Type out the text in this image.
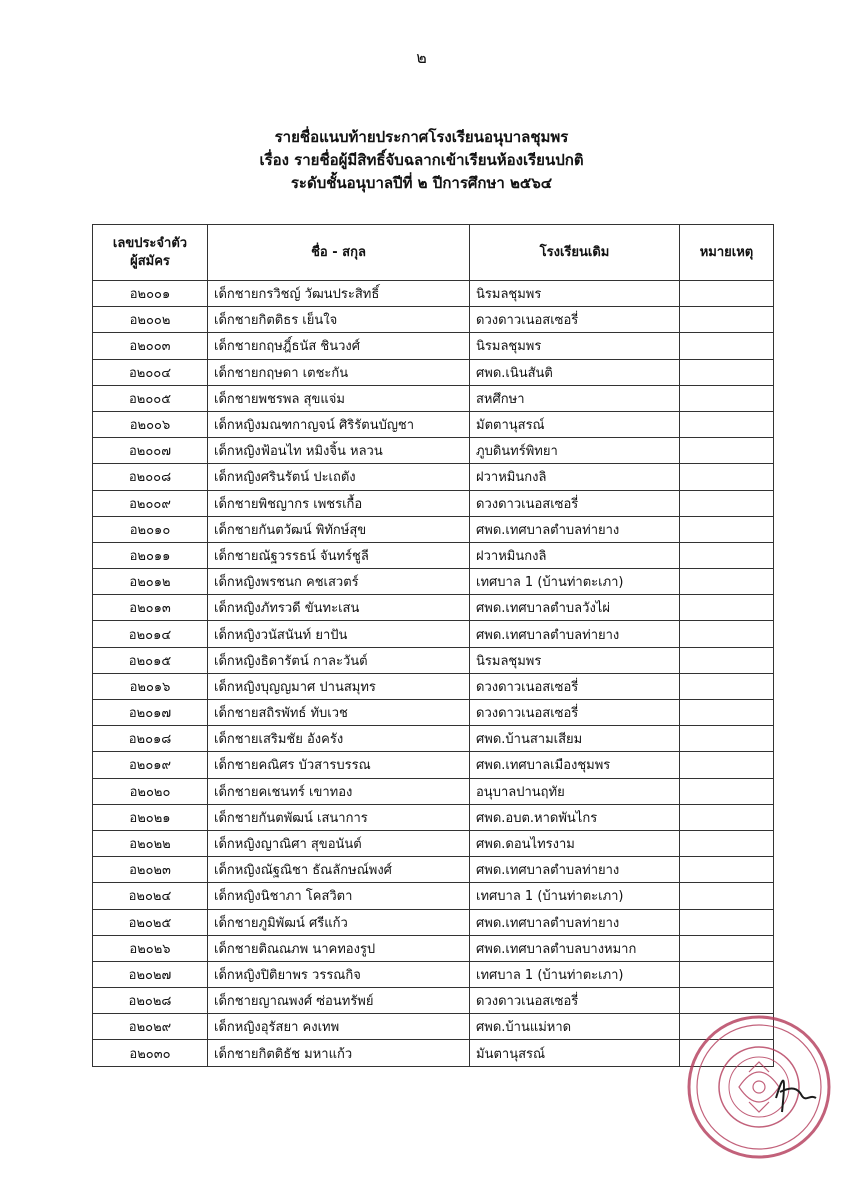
๒
รายชื่อแนบท้ายประกาศโรงเรียนอนุบาลชุมพร
เรื่อง รายชื่อผู้มีสิทธิ์จับฉลากเข้าเรียนห้องเรียนปกติ
ระดับชั้นอนุบาลปีที่ ๒ ปีการศึกษา ๒๕๖๔
เลขประจำตัว
ผู้สมัคร	ชื่อ - สกุล	โรงเรียนเดิม	หมายเหตุ
อ๒๐๐๑	เด็กชายกรวิชญ์ วัฒนประสิทธิ์	นิรมลชุมพร	
อ๒๐๐๒	เด็กชายกิตติธร เย็นใจ	ดวงดาวเนอสเซอรี่	
อ๒๐๐๓	เด็กชายกฤษฎิ์ธนัส ชินวงศ์	นิรมลชุมพร	
อ๒๐๐๔	เด็กชายกฤษดา เตชะกัน	ศพด.เนินสันติ	
อ๒๐๐๕	เด็กชายพชรพล สุขแจ่ม	สหศึกษา	
อ๒๐๐๖	เด็กหญิงมณฑกาญจน์ ศิริรัตนบัญชา	มัตตานุสรณ์	
อ๒๐๐๗	เด็กหญิงฟ้อนไท หมิงจิ้น หลวน	ภูบดินทร์พิทยา	
อ๒๐๐๘	เด็กหญิงศรินรัตน์ ปะเถตัง	ฝวาหมินกงลิ	
อ๒๐๐๙	เด็กชายพิชญากร เพชรเกื้อ	ดวงดาวเนอสเซอรี่	
อ๒๐๑๐	เด็กชายกันตวัฒน์ พิทักษ์สุข	ศพด.เทศบาลตำบลท่ายาง	
อ๒๐๑๑	เด็กชายณัฐวรรธน์ จันทร์ชูลี	ฝวาหมินกงลิ	
อ๒๐๑๒	เด็กหญิงพรชนก คชเสวตร์	เทศบาล 1 (บ้านท่าตะเภา)	
อ๒๐๑๓	เด็กหญิงภัทรวดี ขันทะเสน	ศพด.เทศบาลตำบลวังไผ่	
อ๒๐๑๔	เด็กหญิงวนัสนันท์ ยาปัน	ศพด.เทศบาลตำบลท่ายาง	
อ๒๐๑๕	เด็กหญิงธิดารัตน์ กาละวันต์	นิรมลชุมพร	
อ๒๐๑๖	เด็กหญิงบุญญมาศ ปานสมุทร	ดวงดาวเนอสเซอรี่	
อ๒๐๑๗	เด็กชายสถิรพัทธ์ ทับเวช	ดวงดาวเนอสเซอรี่	
อ๒๐๑๘	เด็กชายเสริมชัย อังครัง	ศพด.บ้านสามเสียม	
อ๒๐๑๙	เด็กชายคณิศร บัวสารบรรณ	ศพด.เทศบาลเมืองชุมพร	
อ๒๐๒๐	เด็กชายคเชนทร์ เขาทอง	อนุบาลปานฤทัย	
อ๒๐๒๑	เด็กชายกันตพัฒน์ เสนาการ	ศพด.อบต.หาดพันไกร	
อ๒๐๒๒	เด็กหญิงญาณิศา สุขอนันต์	ศพด.ดอนไทรงาม	
อ๒๐๒๓	เด็กหญิงณัฐณิชา ธัณลักษณ์พงศ์	ศพด.เทศบาลตำบลท่ายาง	
อ๒๐๒๔	เด็กหญิงนิชาภา โคสวิตา	เทศบาล 1 (บ้านท่าตะเภา)	
อ๒๐๒๕	เด็กชายภูมิพัฒน์ ศรีแก้ว	ศพด.เทศบาลตำบลท่ายาง	
อ๒๐๒๖	เด็กชายติณณภพ นาคทองรูป	ศพด.เทศบาลตำบลบางหมาก	
อ๒๐๒๗	เด็กหญิงปิติยาพร วรรณกิจ	เทศบาล 1 (บ้านท่าตะเภา)	
อ๒๐๒๘	เด็กชายญาณพงศ์ ซ่อนทรัพย์	ดวงดาวเนอสเซอรี่	
อ๒๐๒๙	เด็กหญิงอุรัสยา คงเทพ	ศพด.บ้านแม่หาด	
อ๒๐๓๐	เด็กชายกิตติธัช มหาแก้ว	มันตานุสรณ์	
